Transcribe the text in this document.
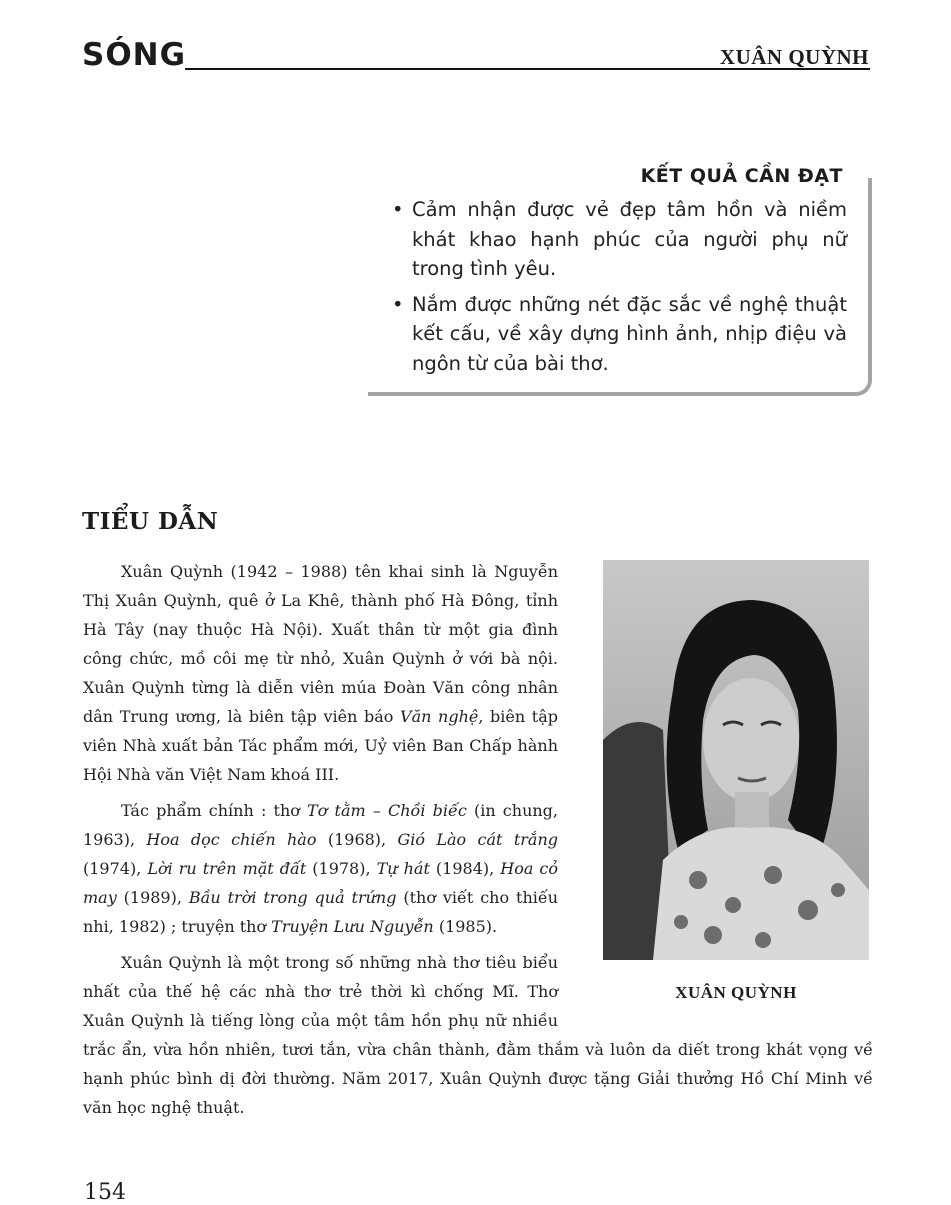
SÓNG	XUÂN QUỲNH
KẾT QUẢ CẦN ĐẠT
• Cảm nhận được vẻ đẹp tâm hồn và niềm khát khao hạnh phúc của người phụ nữ trong tình yêu.
• Nắm được những nét đặc sắc về nghệ thuật kết cấu, về xây dựng hình ảnh, nhịp điệu và ngôn từ của bài thơ.
TIỂU DẪN

Xuân Quỳnh (1942 – 1988) tên khai sinh là Nguyễn Thị Xuân Quỳnh, quê ở La Khê, thành phố Hà Đông, tỉnh Hà Tây (nay thuộc Hà Nội). Xuất thân từ một gia đình công chức, mồ côi mẹ từ nhỏ, Xuân Quỳnh ở với bà nội. Xuân Quỳnh từng là diễn viên múa Đoàn Văn công nhân dân Trung ương, là biên tập viên báo Văn nghệ, biên tập viên Nhà xuất bản Tác phẩm mới, Uỷ viên Ban Chấp hành Hội Nhà văn Việt Nam khoá III.

Tác phẩm chính : thơ Tơ tằm – Chồi biếc (in chung, 1963), Hoa dọc chiến hào (1968), Gió Lào cát trắng (1974), Lời ru trên mặt đất (1978), Tự hát (1984), Hoa cỏ may (1989), Bầu trời trong quả trứng (thơ viết cho thiếu nhi, 1982) ; truyện thơ Truyện Lưu Nguyễn (1985).

Xuân Quỳnh là một trong số những nhà thơ tiêu biểu nhất của thế hệ các nhà thơ trẻ thời kì chống Mĩ. Thơ Xuân Quỳnh là tiếng lòng của một tâm hồn phụ nữ nhiều trắc ẩn, vừa hồn nhiên, tươi tắn, vừa chân thành, đằm thắm và luôn da diết trong khát vọng về hạnh phúc bình dị đời thường. Năm 2017, Xuân Quỳnh được tặng Giải thưởng Hồ Chí Minh về văn học nghệ thuật.

XUÂN QUỲNH
154
